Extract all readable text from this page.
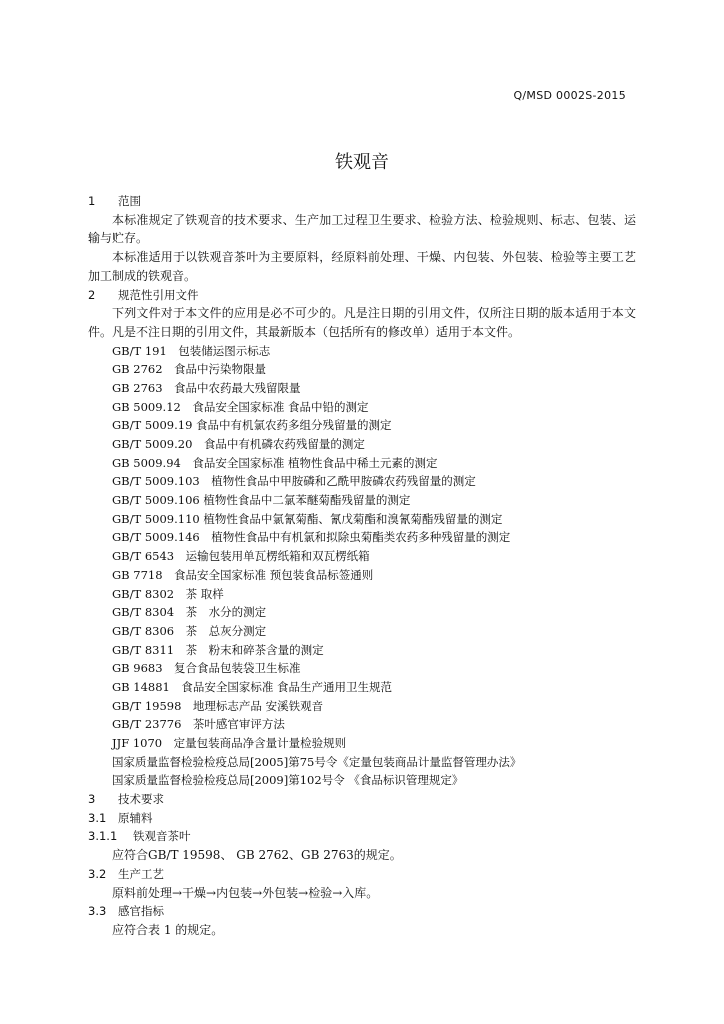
Q/MSD 0002S-2015
铁观音
1 范围
本标准规定了铁观音的技术要求、生产加工过程卫生要求、检验方法、检验规则、标志、包装、运输与贮存。
本标准适用于以铁观音茶叶为主要原料，经原料前处理、干燥、内包装、外包装、检验等主要工艺加工制成的铁观音。
2 规范性引用文件
下列文件对于本文件的应用是必不可少的。凡是注日期的引用文件，仅所注日期的版本适用于本文件。凡是不注日期的引用文件，其最新版本（包括所有的修改单）适用于本文件。
GB/T 191　包装储运图示标志
GB 2762　食品中污染物限量
GB 2763　食品中农药最大残留限量
GB 5009.12　食品安全国家标准 食品中铅的测定
GB/T 5009.19 食品中有机氯农药多组分残留量的测定
GB/T 5009.20　食品中有机磷农药残留量的测定
GB 5009.94　食品安全国家标准 植物性食品中稀土元素的测定
GB/T 5009.103　植物性食品中甲胺磷和乙酰甲胺磷农药残留量的测定
GB/T 5009.106 植物性食品中二氯苯醚菊酯残留量的测定
GB/T 5009.110 植物性食品中氯氰菊酯、氰戊菊酯和溴氰菊酯残留量的测定
GB/T 5009.146　植物性食品中有机氯和拟除虫菊酯类农药多种残留量的测定
GB/T 6543　运输包装用单瓦楞纸箱和双瓦楞纸箱
GB 7718　食品安全国家标准 预包装食品标签通则
GB/T 8302　茶 取样
GB/T 8304　茶　水分的测定
GB/T 8306　茶　总灰分测定
GB/T 8311　茶　粉末和碎茶含量的测定
GB 9683　复合食品包装袋卫生标准
GB 14881　食品安全国家标准 食品生产通用卫生规范
GB/T 19598　地理标志产品 安溪铁观音
GB/T 23776　茶叶感官审评方法
JJF 1070　定量包装商品净含量计量检验规则
国家质量监督检验检疫总局[2005]第75号令《定量包装商品计量监督管理办法》
国家质量监督检验检疫总局[2009]第102号令 《食品标识管理规定》
3 技术要求
3.1 原辅料
3.1.1 铁观音茶叶
应符合GB/T 19598、 GB 2762、GB 2763的规定。
3.2 生产工艺
原料前处理→干燥→内包装→外包装→检验→入库。
3.3 感官指标
应符合表 1 的规定。
